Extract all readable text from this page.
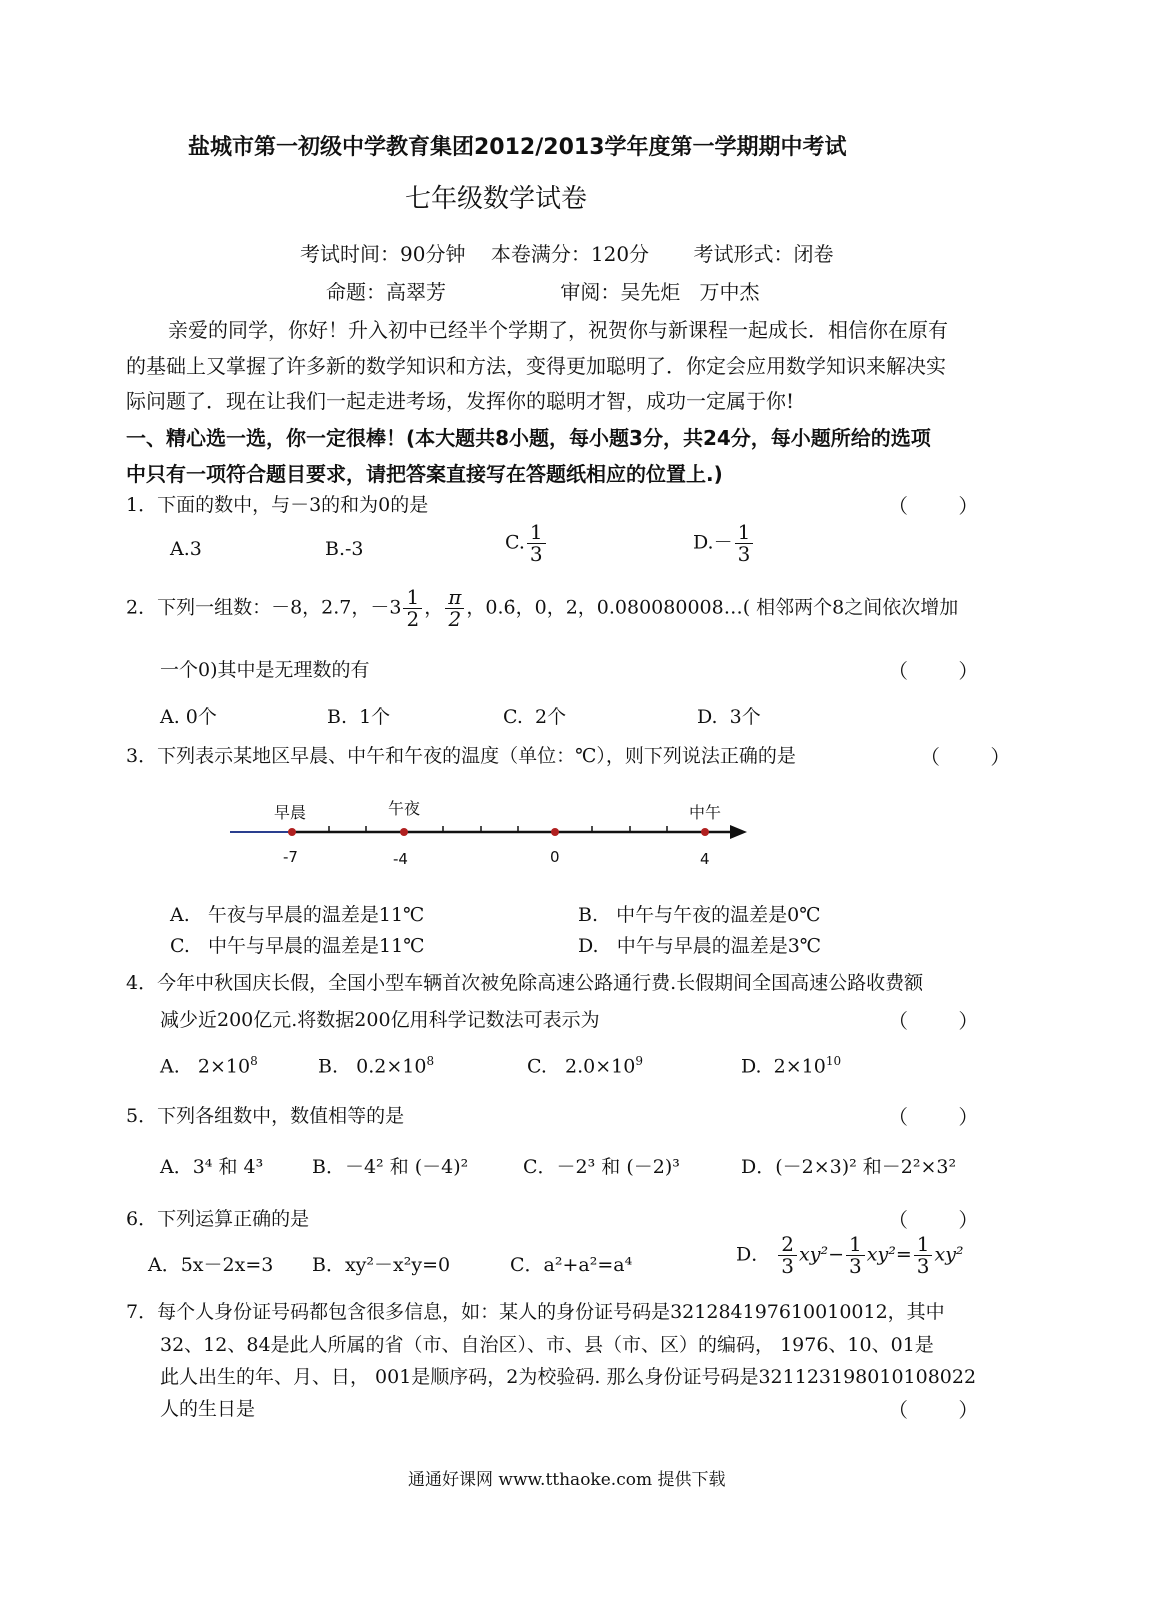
盐城市第一初级中学教育集团2012/2013学年度第一学期期中考试
七年级数学试卷
考试时间：90分钟    本卷满分：120分       考试形式：闭卷
命题：高翠芳                  审阅：吴先炬   万中杰
亲爱的同学，你好！升入初中已经半个学期了，祝贺你与新课程一起成长．相信你在原有
的基础上又掌握了许多新的数学知识和方法，变得更加聪明了．你定会应用数学知识来解决实
际问题了．现在让我们一起走进考场，发挥你的聪明才智，成功一定属于你!
一、精心选一选，你一定很棒！(本大题共8小题，每小题3分，共24分，每小题所给的选项
中只有一项符合题目要求，请把答案直接写在答题纸相应的位置上.)
1．下面的数中，与－3的和为0的是	（ ）
A.3	B.-3	C. $\frac{1}{3}$	$D.- \frac{1}{3}$
2．下列一组数：－8，2.7，$-3 \frac{1}{2}$ ， $\frac{\pi}{2}$ ，0.6̇，0，2，0.080080008…( 相邻两个8之间依次增加
一个0)其中是无理数的有	（ ）
A. 0个	B.  1个	C.  2个	D.  3个
3．下列表示某地区早晨、中午和午夜的温度（单位：℃），则下列说法正确的是	（ ）
早晨	午夜	中午
-7	-4	0	4
A.   午夜与早晨的温差是11℃	B.   中午与午夜的温差是0℃
C.   中午与早晨的温差是11℃	D.   中午与早晨的温差是3℃
4．今年中秋国庆长假，全国小型车辆首次被免除高速公路通行费.长假期间全国高速公路收费额
减少近200亿元.将数据200亿用科学记数法可表示为	（ ）
A.   $2\times 10^8$	B.   $0.2\times 10^8$	C.   $2.0\times 10^9$	D.  $2\times 10^{10}$
5．下列各组数中，数值相等的是	（ ）
A．3⁴ 和 4³	B．－4² 和 (－4)²	C．－2³ 和 (－2)³	D．(－2×3)² 和－2²×3²
6．下列运算正确的是	（ ）
A．5x－2x=3 B．xy²－x²y=0	C．a²+a²=a⁴	D． $\frac{2}{3} xy^2- \frac{1}{3} xy^2= \frac{1}{3} xy^2$
7．每个人身份证号码都包含很多信息，如：某人的身份证号码是321284197610010012，其中
32、12、84是此人所属的省（市、自治区）、市、县（市、区）的编码， 1976、10、01是
此人出生的年、月、日， 001是顺序码，2为校验码. 那么身份证号码是321123198010108022
人的生日是	（ ）
通通好课网 www.tthaoke.com 提供下载
